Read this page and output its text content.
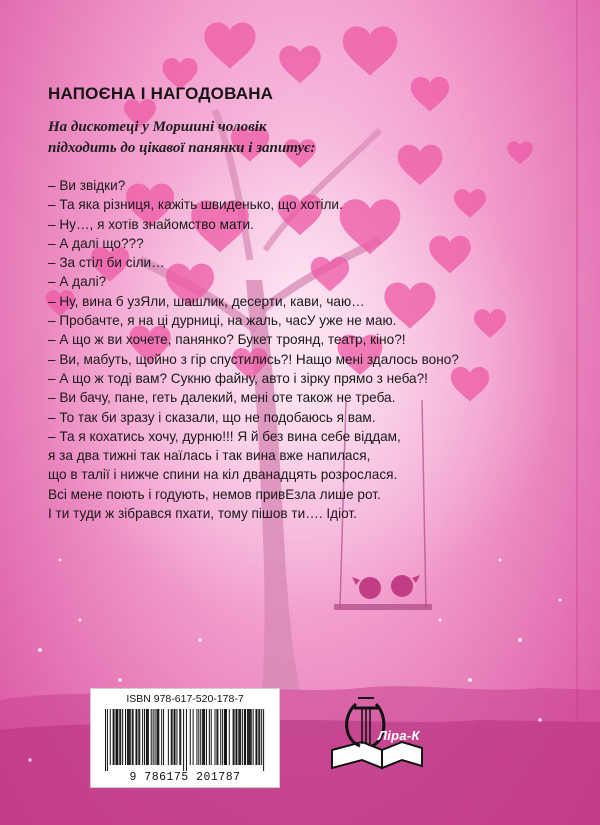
НАПОЄНА І НАГОДОВАНА
На дискотеці у Моршині чоловік
підходить до цікавої панянки і запитує:
– Ви звідки?
– Та яка різниця, кажіть швиденько, що хотіли.
– Ну…, я хотів знайомство мати.
– А далі що???
– За стіл би сіли…
– А далі?
– Ну, вина б узЯли, шашлик, десерти, кави, чаю…
– Пробачте, я на ці дурниці, на жаль, часУ уже не маю.
– А що ж ви хочете, панянко? Букет троянд, театр, кіно?!
– Ви, мабуть, щойно з гір спустились?! Нащо мені здалось воно?
– А що ж тоді вам? Сукню файну, авто і зірку прямо з неба?!
– Ви бачу, пане, геть далекий, мені оте також не треба.
– То так би зразу і сказали, що не подобаюсь я вам.
– Та я кохатись хочу, дурню!!! Я й без вина себе віддам,
я за два тижні так наїлась і так вина вже напилася,
що в талії і нижче спини на кіл дванадцять розрослася.
Всі мене поють і годують, немов привЕзла лише рот.
І ти туди ж зібрався пхати, тому пішов ти…. Ідіот.
ISBN 978-617-520-178-7
9 786175 201787
Ліра-К
